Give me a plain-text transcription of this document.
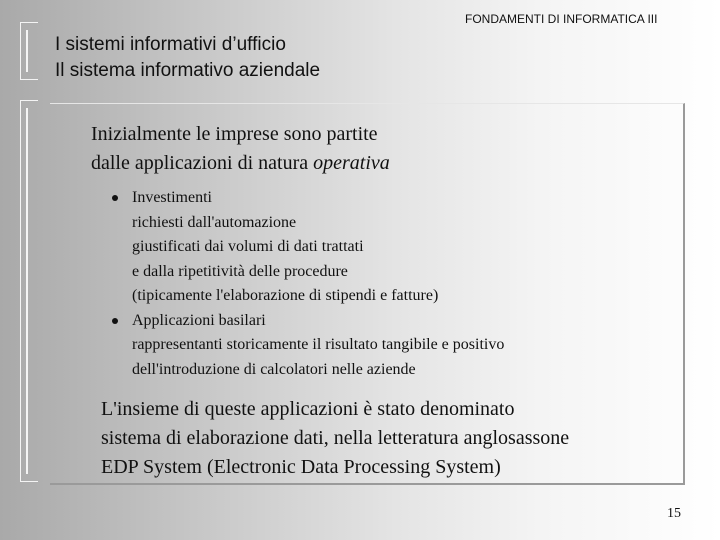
I sistemi informativi d’ufficio
Il sistema informativo aziendale
FONDAMENTI DI INFORMATICA III
Inizialmente le imprese sono partite
dalle applicazioni di natura operativa
Investimenti
richiesti dall'automazione
giustificati dai volumi di dati trattati
e dalla ripetitività delle procedure
(tipicamente l'elaborazione di stipendi e fatture)
Applicazioni basilari
rappresentanti storicamente il risultato tangibile e positivo
dell'introduzione di calcolatori nelle aziende
L'insieme di queste applicazioni è stato denominato
sistema di elaborazione dati, nella letteratura anglosassone
EDP System (Electronic Data Processing System)
15
